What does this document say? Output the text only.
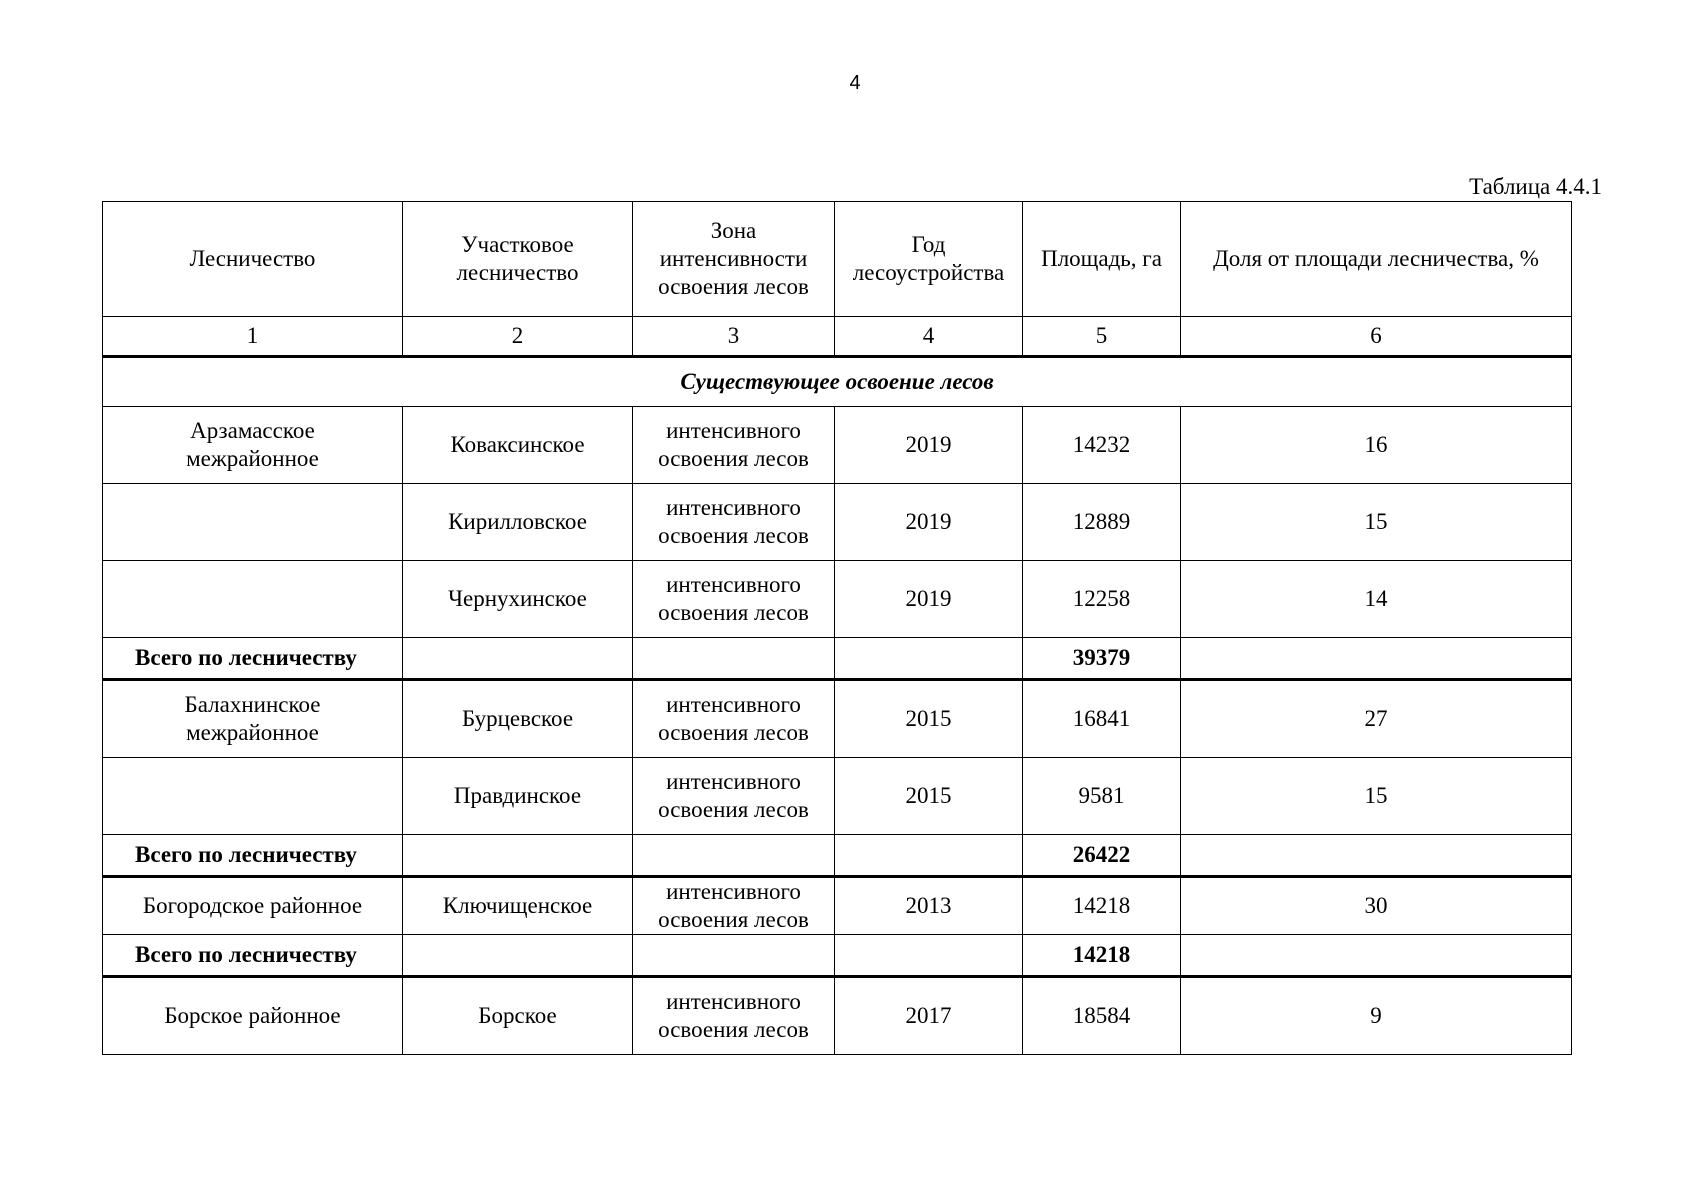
4
Таблица 4.4.1
Лесничество	Участковое лесничество	Зона интенсивности освоения лесов	Год лесоустройства	Площадь, га	Доля от площади лесничества, %
1	2	3	4	5	6
Существующее освоение лесов					
Арзамасское межрайонное	Коваксинское	интенсивного освоения лесов	2019	14232	16
	Кирилловское	интенсивного освоения лесов	2019	12889	15
	Чернухинское	интенсивного освоения лесов	2019	12258	14
Всего по лесничеству				39379	
Балахнинское межрайонное	Бурцевское	интенсивного освоения лесов	2015	16841	27
	Правдинское	интенсивного освоения лесов	2015	9581	15
Всего по лесничеству				26422	
Богородское районное	Ключищенское	интенсивного освоения лесов	2013	14218	30
Всего по лесничеству				14218	
Борское районное	Борское	интенсивного освоения лесов	2017	18584	9
